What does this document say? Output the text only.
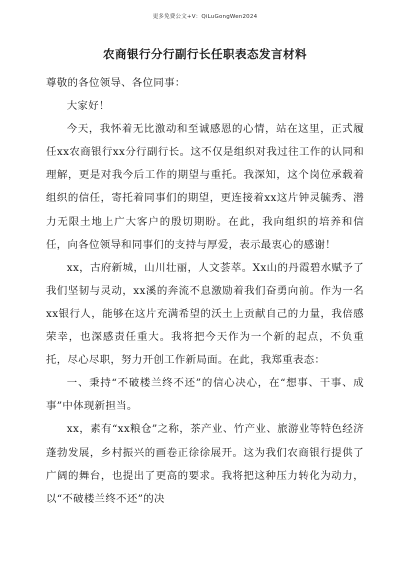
更多免费公文+V：QiLuGongWen2024
农商银行分行副行长任职表态发言材料

尊敬的各位领导、各位同事：

大家好！

今天，我怀着无比激动和至诚感恩的心情，站在这里，正式履任xx农商银行xx分行副行长。这不仅是组织对我过往工作的认同和理解，更是对我今后工作的期望与重托。我深知，这个岗位承载着组织的信任，寄托着同事们的期望，更连接着xx这片钟灵毓秀、潜力无限土地上广大客户的殷切期盼。在此，我向组织的培养和信任，向各位领导和同事们的支持与厚爱，表示最衷心的感谢！

xx，古府新城，山川壮丽，人文荟萃。Xx山的丹霞碧水赋予了我们坚韧与灵动，xx溪的奔流不息激励着我们奋勇向前。作为一名xx银行人，能够在这片充满希望的沃土上贡献自己的力量，我倍感荣幸，也深感责任重大。我将把今天作为一个新的起点，不负重托，尽心尽职，努力开创工作新局面。在此，我郑重表态：

一、秉持“不破楼兰终不还”的信心决心，在“想事、干事、成事”中体现新担当。

xx，素有“xx粮仓”之称，茶产业、竹产业、旅游业等特色经济蓬勃发展，乡村振兴的画卷正徐徐展开。这为我们农商银行提供了广阔的舞台，也提出了更高的要求。我将把这种压力转化为动力，以“不破楼兰终不还”的决
